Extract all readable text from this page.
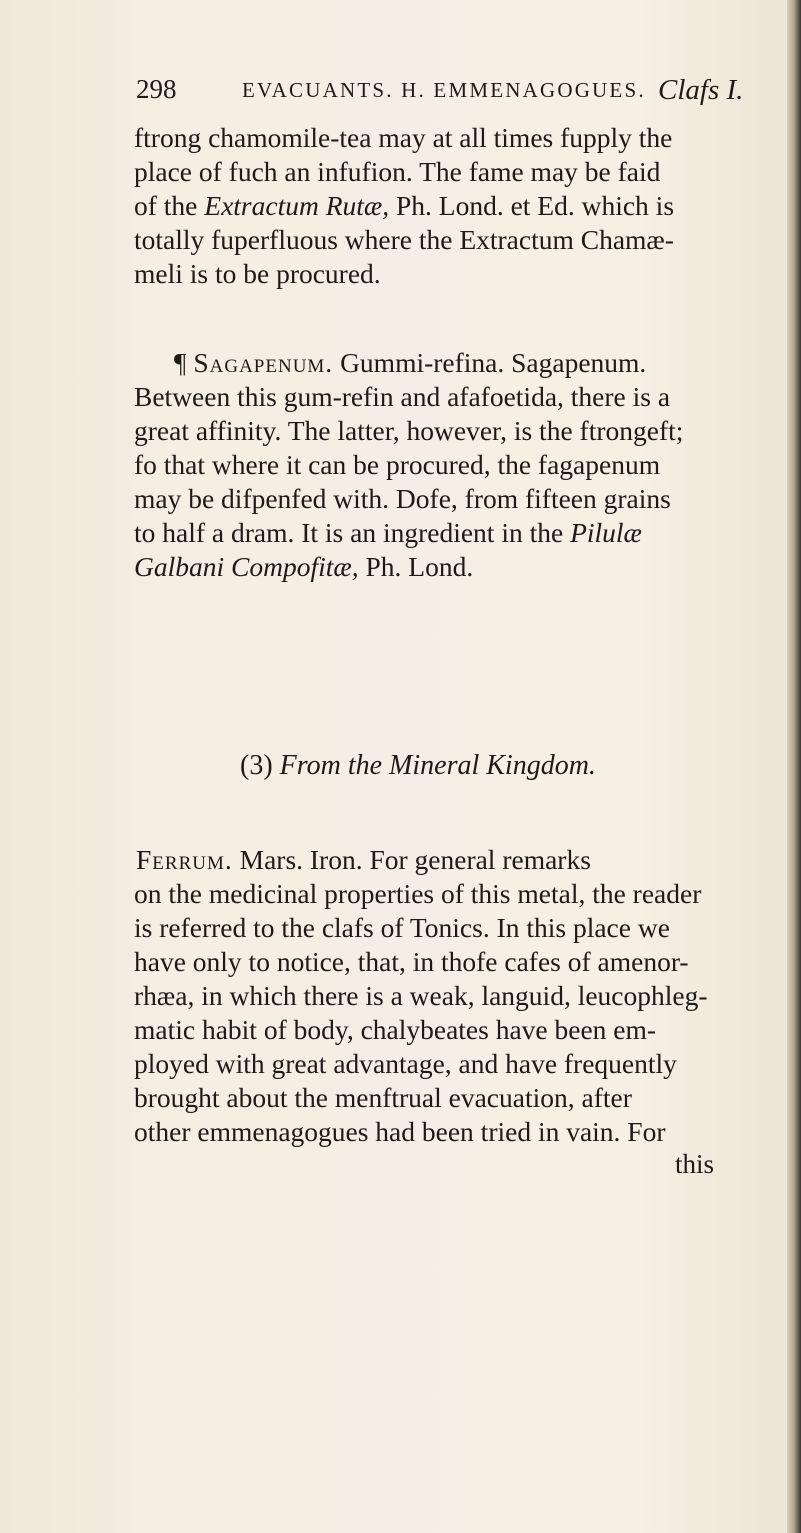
298	EVACUANTS. H. EMMENAGOGUES. Clafs I.
ftrong chamomile-tea may at all times fupply the
place of fuch an infufion. The fame may be faid
of the Extractum Rutæ, Ph. Lond. et Ed. which is
totally fuperfluous where the Extractum Chamæ-
meli is to be procured.
¶ Sagapenum. Gummi-refina. Sagapenum.
Between this gum-refin and afafoetida, there is a
great affinity. The latter, however, is the ftrongeft;
fo that where it can be procured, the fagapenum
may be difpenfed with. Dofe, from fifteen grains
to half a dram. It is an ingredient in the Pilulæ
Galbani Compofitæ, Ph. Lond.
(3) From the Mineral Kingdom.
Ferrum. Mars. Iron. For general remarks
on the medicinal properties of this metal, the reader
is referred to the clafs of Tonics. In this place we
have only to notice, that, in thofe cafes of amenor-
rhæa, in which there is a weak, languid, leucophleg-
matic habit of body, chalybeates have been em-
ployed with great advantage, and have frequently
brought about the menftrual evacuation, after
other emmenagogues had been tried in vain. For
this
